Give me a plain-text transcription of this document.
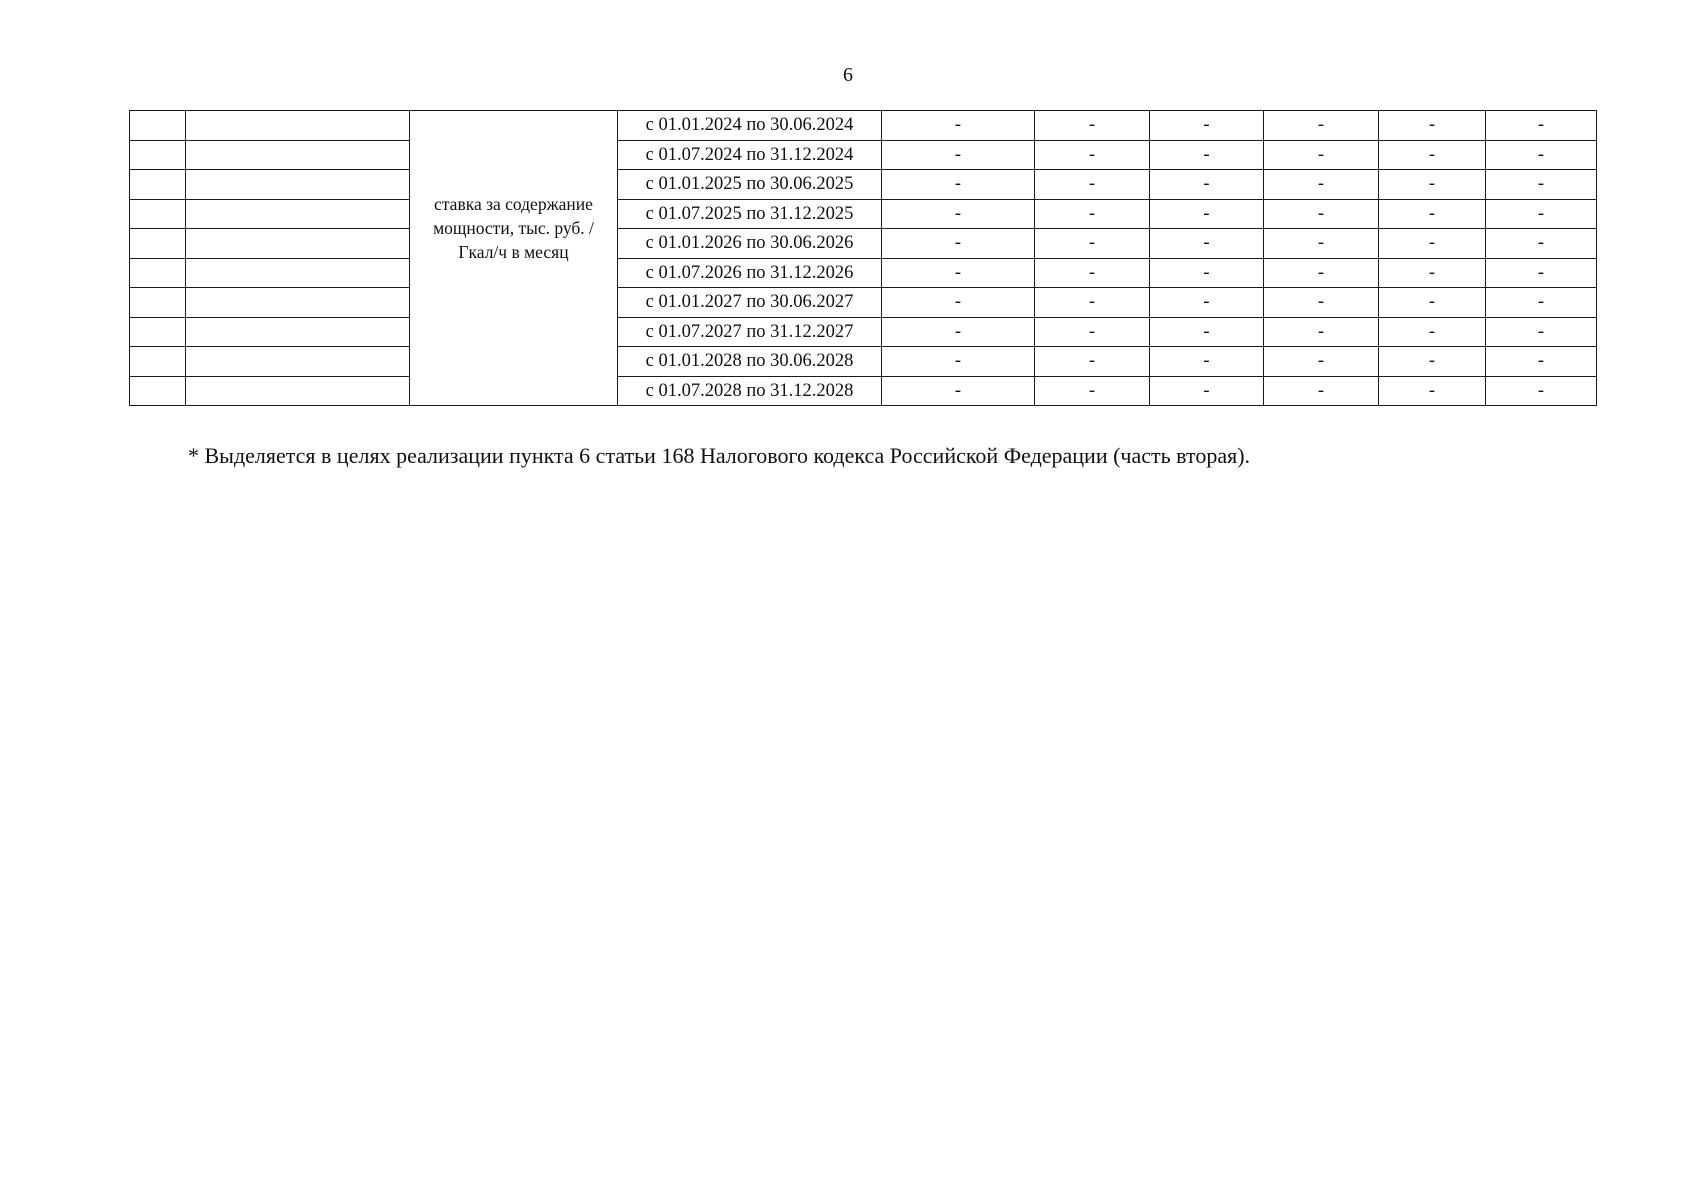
6
		ставка за содержание мощности, тыс. руб. /Гкал/ч в месяц	с 01.01.2024 по 30.06.2024	-	-	-	-	-	-
			с 01.07.2024 по 31.12.2024	-	-	-	-	-	-
			с 01.01.2025 по 30.06.2025	-	-	-	-	-	-
			с 01.07.2025 по 31.12.2025	-	-	-	-	-	-
			с 01.01.2026 по 30.06.2026	-	-	-	-	-	-
			с 01.07.2026 по 31.12.2026	-	-	-	-	-	-
			с 01.01.2027 по 30.06.2027	-	-	-	-	-	-
			с 01.07.2027 по 31.12.2027	-	-	-	-	-	-
			с 01.01.2028 по 30.06.2028	-	-	-	-	-	-
			с 01.07.2028 по 31.12.2028	-	-	-	-	-	-
* Выделяется в целях реализации пункта 6 статьи 168 Налогового кодекса Российской Федерации (часть вторая).
